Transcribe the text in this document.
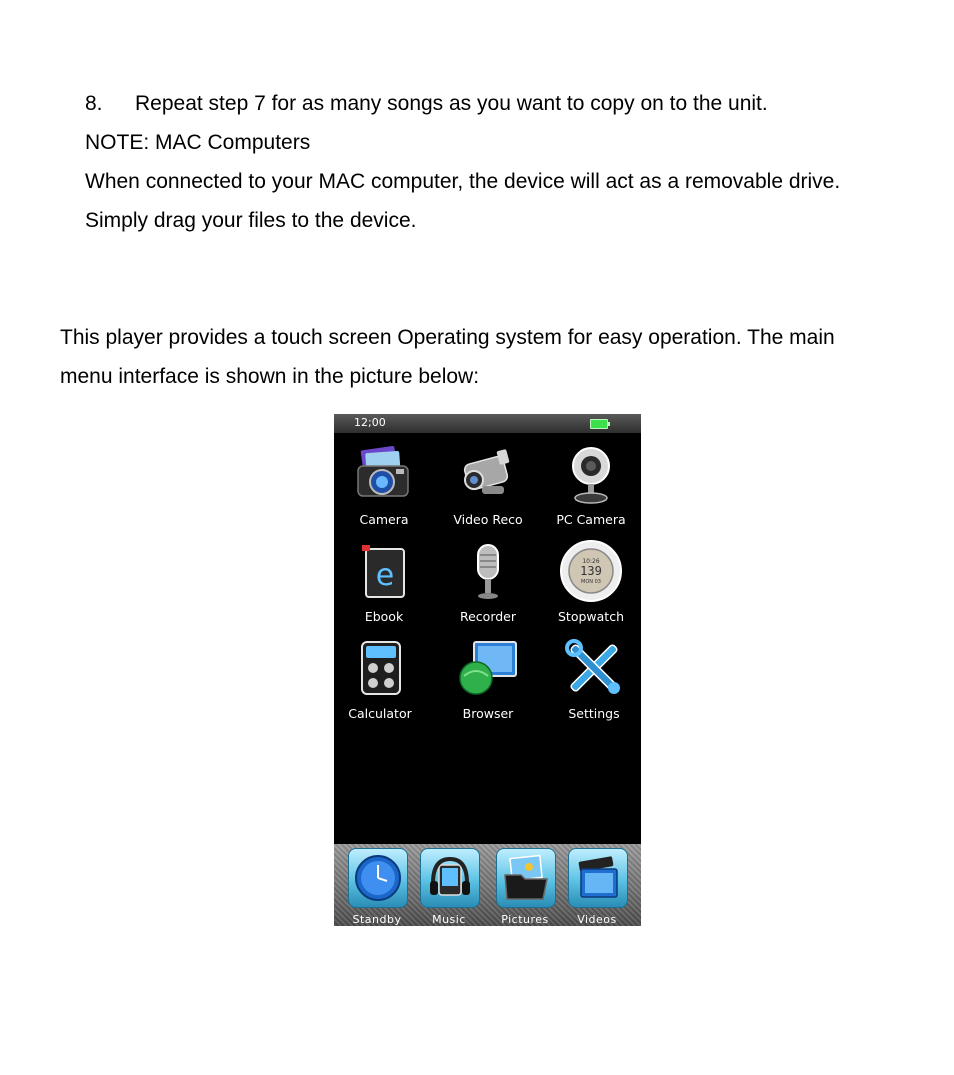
8. Repeat step 7 for as many songs as you want to copy on to the unit.
NOTE: MAC Computers
When connected to your MAC computer, the device will act as a removable drive.
Simply drag your files to the device.
This player provides a touch screen Operating system for easy operation. The main
menu interface is shown in the picture below:
12;00
Camera	Video Reco	PC Camera
e
Ebook	Recorder
10:26
139
MON 03
Stopwatch
Calculator	Browser	Settings
Standby	Music	Pictures	Videos
